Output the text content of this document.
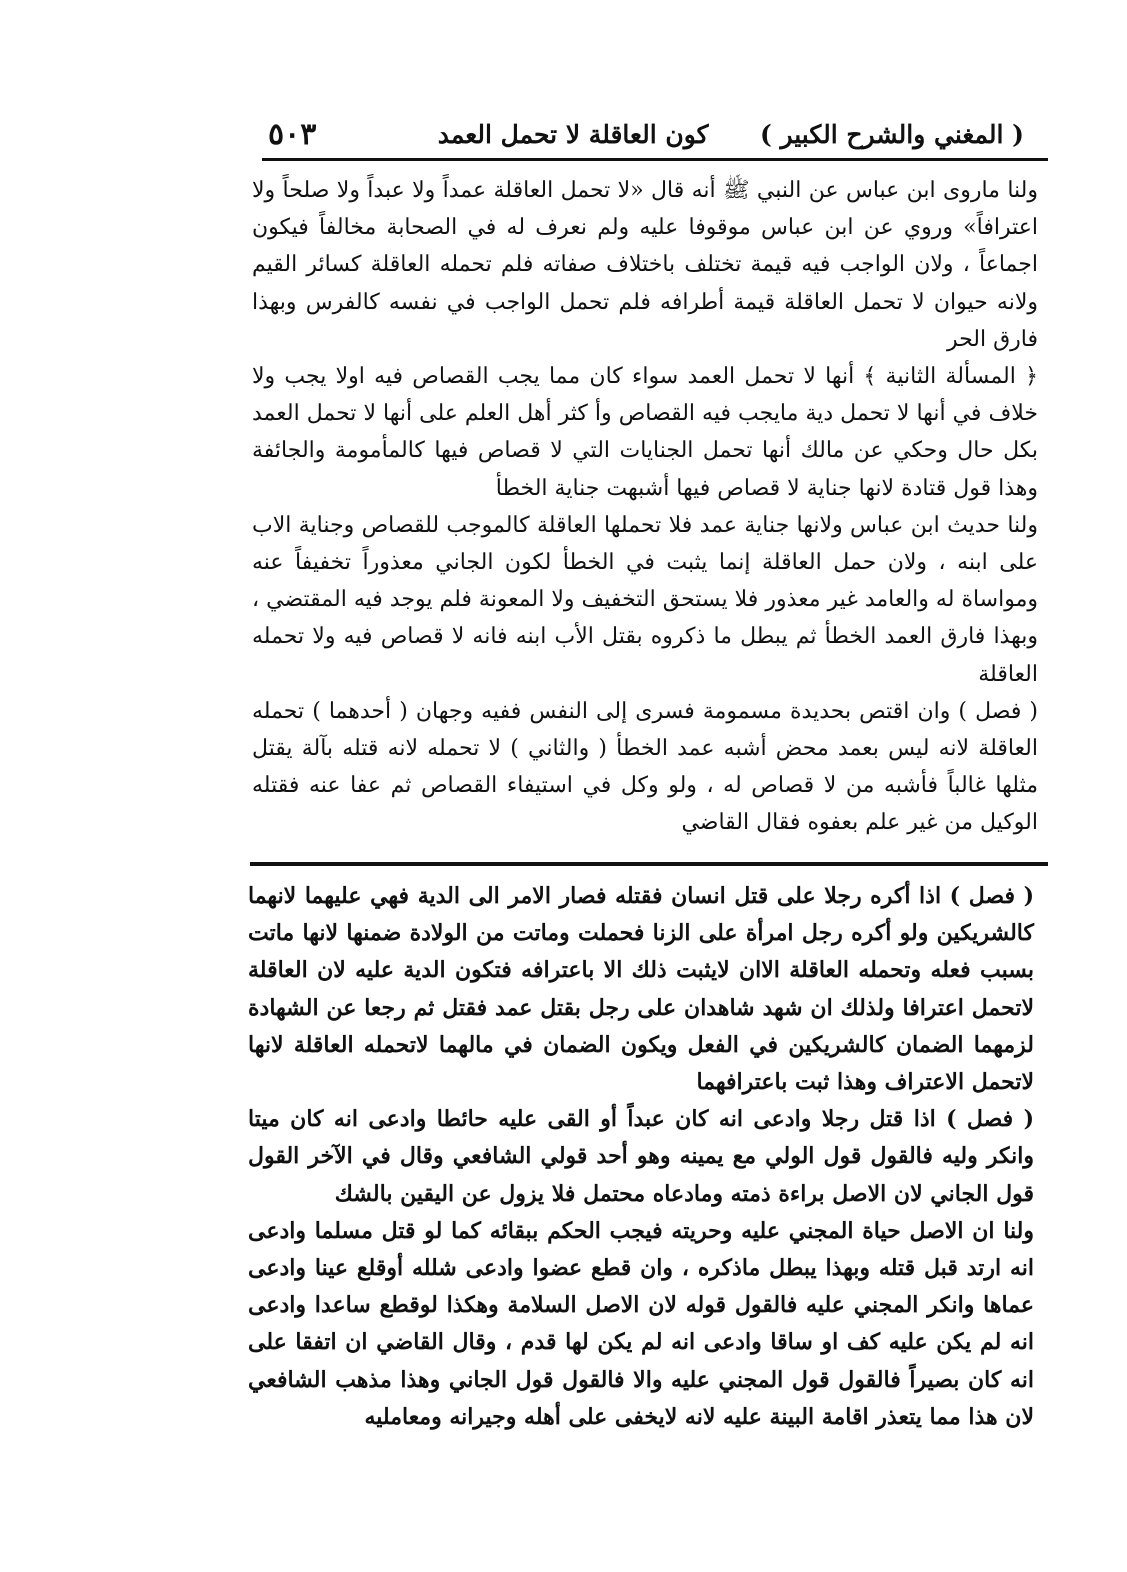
( المغني والشرح الكبير )
كون العاقلة لا تحمل العمد
٥٠٣

ولنا ماروى ابن عباس عن النبي ﷺ أنه قال «لا تحمل العاقلة عمداً ولا عبداً ولا صلحاً ولا اعترافاً» وروي عن ابن عباس موقوفا عليه ولم نعرف له في الصحابة مخالفاً فيكون اجماعاً ، ولان الواجب فيه قيمة تختلف باختلاف صفاته فلم تحمله العاقلة كسائر القيم ولانه حيوان لا تحمل العاقلة قيمة أطرافه فلم تحمل الواجب في نفسه كالفرس وبهذا فارق الحر

﴿ المسألة الثانية ﴾ أنها لا تحمل العمد سواء كان مما يجب القصاص فيه اولا يجب ولا خلاف في أنها لا تحمل دية مايجب فيه القصاص وأ كثر أهل العلم على أنها لا تحمل العمد بكل حال وحكي عن مالك أنها تحمل الجنايات التي لا قصاص فيها كالمأمومة والجائفة وهذا قول قتادة لانها جناية لا قصاص فيها أشبهت جناية الخطأ

ولنا حديث ابن عباس ولانها جناية عمد فلا تحملها العاقلة كالموجب للقصاص وجناية الاب على ابنه ، ولان حمل العاقلة إنما يثبت في الخطأ لكون الجاني معذوراً تخفيفاً عنه ومواساة له والعامد غير معذور فلا يستحق التخفيف ولا المعونة فلم يوجد فيه المقتضي ، وبهذا فارق العمد الخطأ ثم يبطل ما ذكروه بقتل الأب ابنه فانه لا قصاص فيه ولا تحمله العاقلة

( فصل ) وان اقتص بحديدة مسمومة فسرى إلى النفس ففيه وجهان ( أحدهما ) تحمله العاقلة لانه ليس بعمد محض أشبه عمد الخطأ ( والثاني ) لا تحمله لانه قتله بآلة يقتل مثلها غالباً فأشبه من لا قصاص له ، ولو وكل في استيفاء القصاص ثم عفا عنه فقتله الوكيل من غير علم بعفوه فقال القاضي

( فصل ) اذا أكره رجلا على قتل انسان فقتله فصار الامر الى الدية فهي عليهما لانهما كالشريكين ولو أكره رجل امرأة على الزنا فحملت وماتت من الولادة ضمنها لانها ماتت بسبب فعله وتحمله العاقلة الاان لايثبت ذلك الا باعترافه فتكون الدية عليه لان العاقلة لاتحمل اعترافا ولذلك ان شهد شاهدان على رجل بقتل عمد فقتل ثم رجعا عن الشهادة لزمهما الضمان كالشريكين في الفعل ويكون الضمان في مالهما لاتحمله العاقلة لانها لاتحمل الاعتراف وهذا ثبت باعترافهما

( فصل ) اذا قتل رجلا وادعى انه كان عبداً أو القى عليه حائطا وادعى انه كان ميتا وانكر وليه فالقول قول الولي مع يمينه وهو أحد قولي الشافعي وقال في الآخر القول قول الجاني لان الاصل براءة ذمته ومادعاه محتمل فلا يزول عن اليقين بالشك

ولنا ان الاصل حياة المجني عليه وحريته فيجب الحكم ببقائه كما لو قتل مسلما وادعى انه ارتد قبل قتله وبهذا يبطل ماذكره ، وان قطع عضوا وادعى شلله أوقلع عينا وادعى عماها وانكر المجني عليه فالقول قوله لان الاصل السلامة وهكذا لوقطع ساعدا وادعى انه لم يكن عليه كف او ساقا وادعى انه لم يكن لها قدم ، وقال القاضي ان اتفقا على انه كان بصيراً فالقول قول المجني عليه والا فالقول قول الجاني وهذا مذهب الشافعي لان هذا مما يتعذر اقامة البينة عليه لانه لايخفى على أهله وجيرانه ومعامليه
